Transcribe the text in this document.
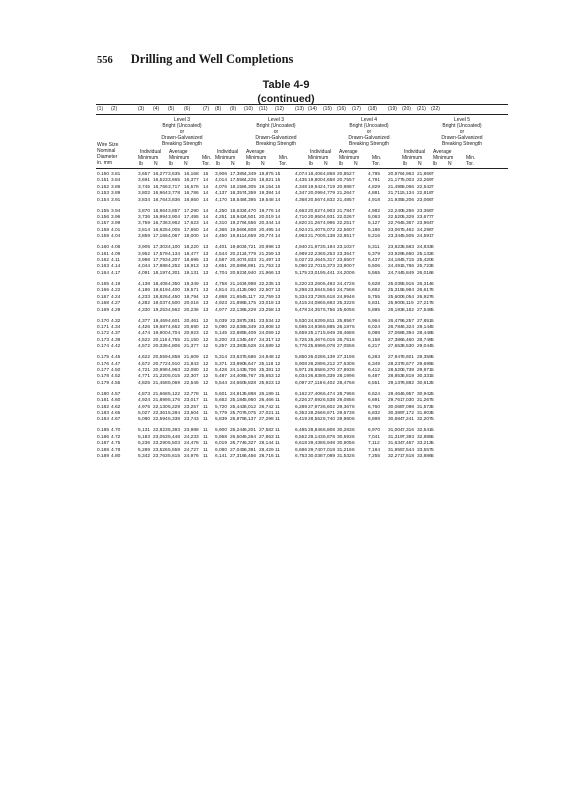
556 Drilling and Well Completions
Table 4-9
(continued)
(1) (2)	(3) (4) (5) (6)	(7) (8) (9) (10) (11) (12) (13) (14) (15) (16) (17) (18) (19) (20) (21) (22)
Wire Size
Nominal
Diameter
in. mm
Level 3
Bright (Uncoated)
or
Drawn-Galvanized
Breaking Strength
Level 3
Bright (Uncoated)
or
Drawn-Galvanized
Breaking Strength
Level 4
Bright (Uncoated)
or
Drawn-Galvanized
Breaking Strength
Level 5
Bright (Uncoated)
or
Drawn-Galvanized
Breaking Strength
Individual Average
Minimum Minimum	Min.
Tor.
lb N lb N
Individual Average
Minimum Minimum	Min.
Tor.
lb N lb N
Individual Average
Minimum Minimum	Min.
Tor.
lb N lb N
Individual Average
Minimum Minimum	Min.
Tor.
lb N lb N
0.150 3.81	3,657 16,277 3,635 16,168 15 3,906 17,385 4,349 19,875 15	4,074 18,406 4,858 20,852 7	4,795 20,976 4,963 21,866 7
0.151 3.84	3,691 16,523 3,665 16,377 14 4,014 17,556 4,225 18,821 15	4,435 19,800 4,658 20,755 7	4,781 21,177 5,003 22,269 7
0.152 3.86	3,745 16,766 3,717 16,578 14 4,076 18,158 4,305 19,154 15	4,348 19,942 4,719 20,988 7	4,829 21,495 5,066 22,542 7
0.153 3.89	3,802 16,964 3,778 16,786 14 4,137 18,357 4,359 19,384 14	4,347 20,099 4,779 21,264 7	4,881 21,711 5,134 22,818 7
0.154 3.91	3,834 16,764 3,836 16,950 14 4,170 18,548 4,395 19,548 14	4,368 20,567 4,832 21,485 7	4,918 21,935 5,206 23,066 7
0.155 3.94	3,870 16,964 3,857 17,290 14 4,250 18,633 4,470 19,776 14	4,663 20,627 4,903 21,784 7	4,982 22,240 5,256 23,366 7
0.156 3.96	3,736 16,994 3,904 17,495 14 4,251 18,942 4,501 20,019 14	4,710 20,950 4,931 22,026 7	5,063 22,520 5,329 23,677 7
0.157 3.99	3,759 16,736 3,962 17,623 14 4,310 19,278 4,556 20,344 14	4,820 21,267 4,995 22,251 7	5,127 22,764 5,367 23,964 7
0.158 4.01	3,814 16,925 4,005 17,650 14 4,366 19,569 4,608 20,495 14	4,924 21,407 5,072 22,560 7	5,186 23,067 5,462 24,296 7
0.159 4.04	3,859 17,166 4,067 18,000 14 4,450 19,811 4,659 20,774 14	4,963 21,700 5,138 22,851 7	5,216 23,344 5,505 24,591 7
0.160 4.06	3,905 17,303 4,100 18,220 13 4,401 19,603 4,721 20,998 13	4,940 21,973 5,194 23,103 7	5,311 23,623 5,583 24,833 6
0.161 4.09	3,952 17,579 4,134 18,477 13 4,544 20,212 4,779 21,259 13	4,989 22,236 5,253 23,364 7	5,379 23,929 5,650 25,132 6
0.162 4.11	3,998 17,793 4,207 18,695 13 4,587 20,407 4,833 21,497 13	5,027 22,464 5,317 23,650 7	5,437 24,184 5,715 25,420 6
0.163 4.14	4,044 17,988 4,252 18,913 13 4,651 20,689 4,891 21,753 13	5,090 22,701 5,373 23,900 7	5,506 24,491 5,786 25,723 6
0.164 4.17	4,091 18,197 4,301 19,131 13 4,704 20,923 4,940 21,966 13	5,175 23,019 5,441 24,200 6	5,565 24,744 5,849 26,016 6
0.165 4.19	4,138 18,406 4,350 19,349 13 4,758 21,163 4,998 22,235 13	5,220 23,260 5,493 24,472 6	5,628 25,035 5,915 26,314 6
0.166 4.22	4,186 18,619 4,400 19,571 13 4,814 21,412 5,060 22,507 13	5,298 23,564 5,564 24,756 6	5,692 25,315 5,984 26,617 6
0.167 4.24	4,233 18,826 4,450 19,794 13 4,868 21,654 5,117 22,759 13	5,334 23,728 5,618 24,994 6	5,755 25,600 6,054 26,927 6
0.168 4.27	4,282 19,037 4,500 20,016 13 4,923 21,896 5,175 23,018 13	5,415 24,086 5,693 25,322 6	5,831 25,900 6,119 27,217 5
0.169 4.29	4,330 19,253 4,562 20,236 13 4,977 22,136 5,229 23,258 13	5,478 24,357 5,756 25,605 6	5,895 26,193 6,182 27,548 5
0.170 4.32	4,377 19,469 4,601 20,461 12 5,039 22,387 5,281 23,534 12	5,530 24,629 5,811 25,856 7	5,964 26,479 6,257 27,851 5
0.171 4.34	4,426 19,687 4,652 20,690 12 5,090 22,636 5,349 23,808 12	5,595 24,936 5,885 26,187 6	6,024 26,784 6,324 28,144 5
0.172 4.37	4,474 19,900 4,704 20,923 12 5,145 22,885 5,409 24,059 12	5,659 25,171 5,949 26,468 6	6,088 27,068 6,394 28,448 5
0.173 4.39	4,522 20,116 4,755 21,150 12 5,200 23,134 5,467 24,317 12	5,725 25,467 6,015 26,751 6	6,158 27,386 6,460 28,748 5
0.174 4.42	4,572 20,336 4,806 21,377 12 5,257 23,383 5,528 24,589 12	5,776 25,699 6,078 27,055 6	6,217 27,653 6,530 29,044 5
0.175 4.45	4,622 20,559 4,858 21,609 12 5,314 23,637 5,586 24,848 12	5,850 26,028 6,139 27,319 6	6,283 27,947 6,601 29,359 5
0.176 4.47	4,672 20,772 4,910 21,843 12 5,371 23,890 5,647 25,118 12	5,908 26,289 6,212 27,630 6	6,349 28,237 6,677 29,695 5
0.177 4.50	4,721 20,998 4,963 22,080 12 5,428 24,143 5,706 25,381 12	5,971 26,558 6,270 27,893 6	6,412 28,520 6,738 29,971 5
0.178 4.52	4,771 21,220 5,015 22,307 12 5,487 24,406 5,767 25,653 12	6,034 26,838 6,339 28,199 6	6,487 28,853 6,819 30,331 5
0.179 4.55	4,825 21,458 5,069 22,546 12 5,544 24,660 5,828 25,923 12	6,097 27,118 6,402 28,475 6	6,551 29,137 6,882 30,612 5
0.180 4.57	4,873 21,668 5,122 22,778 11 5,601 24,913 5,888 26,189 11	6,162 27,406 6,474 28,796 6	6,624 29,464 6,957 30,942 5
0.181 4.60	4,924 21,899 5,176 23,017 11 5,662 25,184 5,950 26,466 11	6,226 27,692 6,538 29,085 6	6,691 29,761 7,030 31,267 5
0.182 4.62	4,975 22,130 5,229 23,257 11 5,720 25,442 6,012 26,742 11	6,289 27,973 6,602 29,367 6	6,760 30,068 7,098 31,573 5
0.183 4.65	5,027 22,361 5,284 23,504 11 5,779 25,707 6,075 27,021 11	6,353 28,256 6,671 29,673 6	6,832 30,389 7,172 31,903 5
0.184 4.67	5,080 22,594 5,338 23,743 11 5,839 25,975 6,137 27,298 11	6,419 28,552 6,740 29,980 6	6,898 30,684 7,241 32,207 5
0.185 4.70	5,131 22,823 5,393 23,988 11 5,900 26,244 6,201 27,582 11	6,485 28,846 6,808 30,283 6	6,970 31,004 7,316 32,541 5
0.186 4.72	5,183 23,053 5,448 24,233 11 5,958 26,504 6,264 27,863 11	6,552 29,143 6,878 30,593 6	7,041 31,319 7,393 32,885 5
0.187 4.75	5,236 23,290 5,503 24,478 11 6,019 26,774 6,327 28,144 11	6,618 29,438 6,948 30,905 6	7,112 31,634 7,467 33,213 5
0.188 4.78	5,289 23,526 5,559 24,727 11 6,080 27,045 6,391 28,429 11	6,686 29,740 7,018 31,216 6	7,184 31,955 7,544 33,557 5
0.189 4.80	5,342 23,763 5,615 24,976 11 6,141 27,316 6,456 28,716 11	6,753 30,038 7,089 31,532 6	7,255 32,271 7,618 33,886 5
